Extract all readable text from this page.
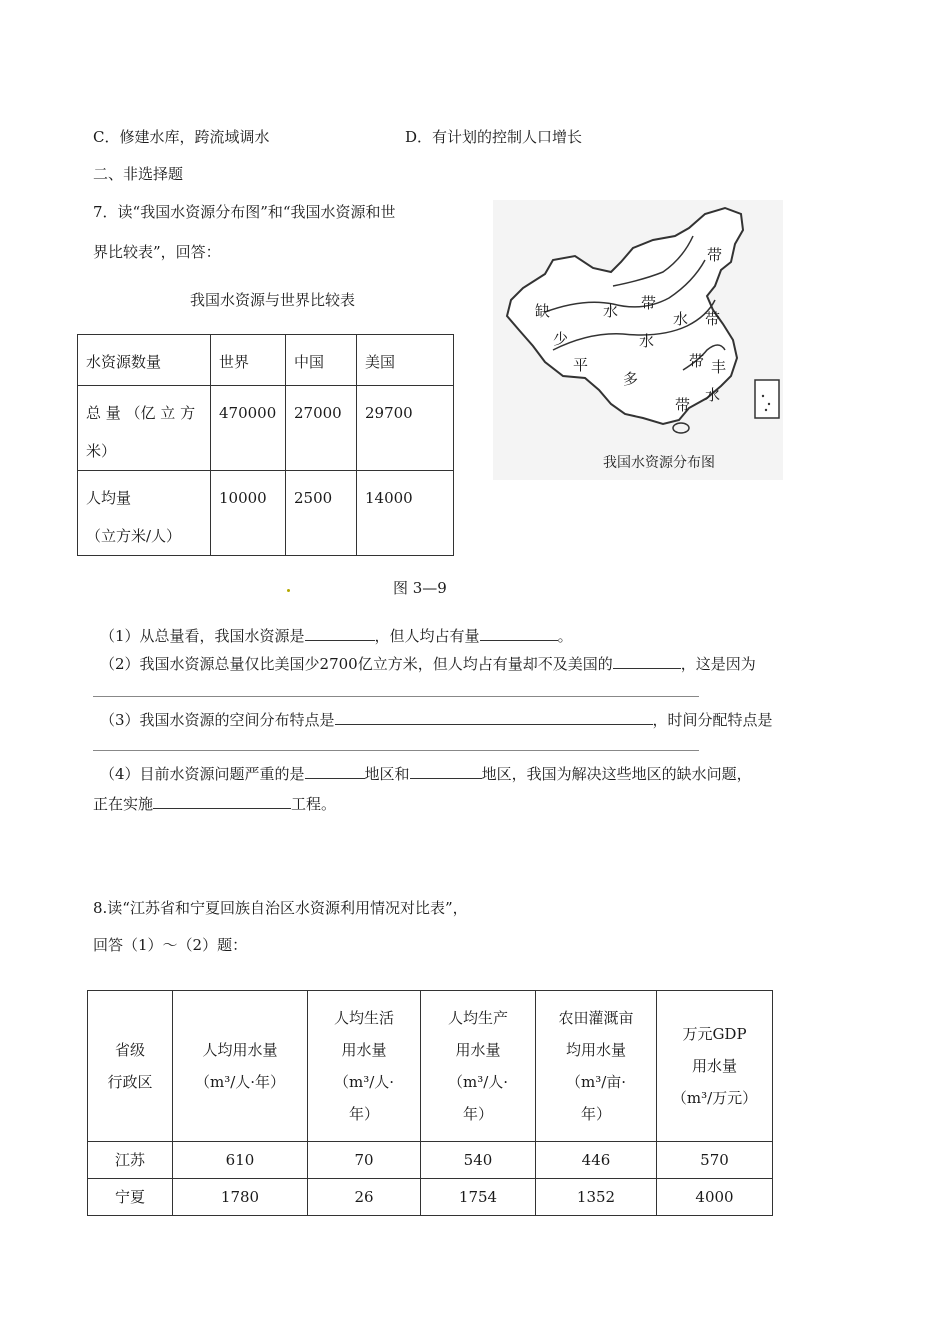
C．修建水库，跨流域调水	D．有计划的控制人口增长
二、非选择题
7．读“我国水资源分布图”和“我国水资源和世
界比较表”，回答：
我国水资源与世界比较表
水资源数量	世界	中国	美国
总 量 （亿 立 方
米）	470000	27000	29700
人均量
（立方米/人）	10000	2500	14000
带
缺	水 带
水 带
少	水
平
多
带 丰
水
带
我国水资源分布图
图 3—9
（1）从总量看，我国水资源是	，但人均占有量	。
（2）我国水资源总量仅比美国少2700亿立方米，但人均占有量却不及美国的	，这是因为
（3）我国水资源的空间分布特点是	，时间分配特点是
（4）目前水资源问题严重的是	地区和	地区，我国为解决这些地区的缺水问题，
正在实施	工程。
8.读“江苏省和宁夏回族自治区水资源利用情况对比表”，
回答（1）～（2）题：
省级
行政区	人均用水量
（m³/人·年）	人均生活
用水量
（m³/人·
年）	人均生产
用水量
（m³/人·
年）	农田灌溉亩
均用水量
（m³/亩·
年）	万元GDP
用水量
（m³/万元）
江苏	610	70	540	446	570
宁夏	1780	26	1754	1352	4000
